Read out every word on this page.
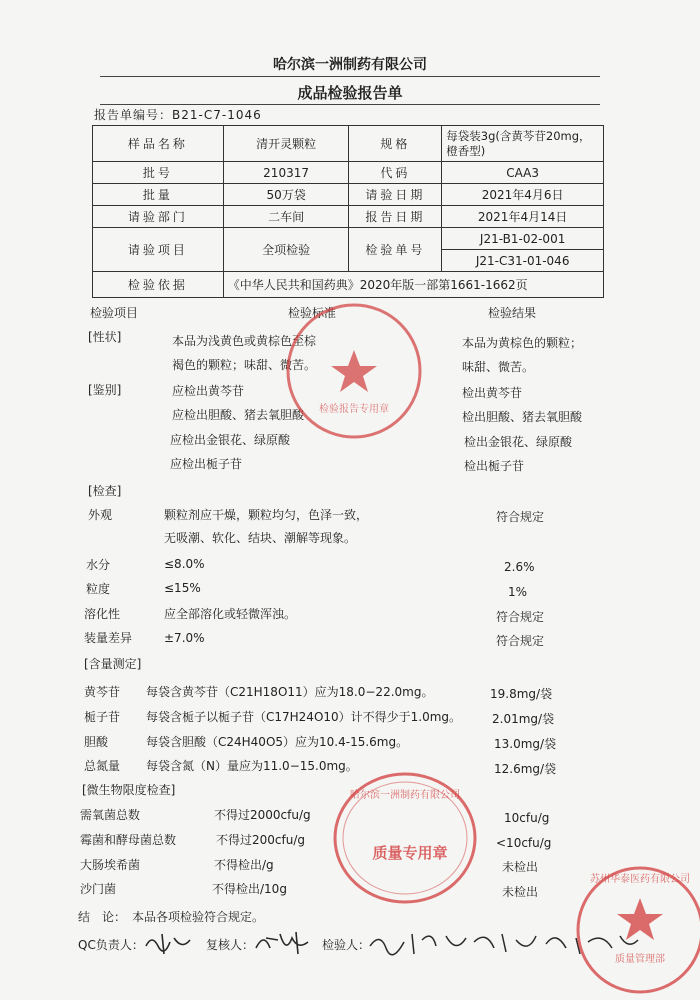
哈尔滨一洲制药有限公司
成品检验报告单
报告单编号：B21-C7-1046
样品名称	清开灵颗粒	规格	每袋装3g(含黄芩苷20mg，橙香型)
批号	210317	代码	CAA3
批量	50万袋	请验日期	2021年4月6日
请验部门	二车间	报告日期	2021年4月14日
请验项目	全项检验	检验单号	J21-B1-02-001
			J21-C31-01-046
检验依据	《中华人民共和国药典》2020年版一部第1661-1662页		
检验项目	检验标准	检验结果
[性状]	本品为浅黄色或黄棕色至棕
褐色的颗粒；味甜、微苦。
本品为黄棕色的颗粒；
味甜、微苦。
[鉴别]	应检出黄芩苷	检出黄芩苷
应检出胆酸、猪去氧胆酸	检出胆酸、猪去氧胆酸
应检出金银花、绿原酸	检出金银花、绿原酸
应检出栀子苷	检出栀子苷
[检查]
外观	颗粒剂应干燥，颗粒均匀，色泽一致，
无吸潮、软化、结块、潮解等现象。
符合规定
水分	≤8.0%	2.6%
粒度	≤15%	1%
溶化性	应全部溶化或轻微浑浊。	符合规定
装量差异	±7.0%	符合规定
[含量测定]
黄芩苷 每袋含黄芩苷（C21H18O11）应为18.0−22.0mg。	19.8mg/袋
栀子苷 每袋含栀子以栀子苷（C17H24O10）计不得少于1.0mg。	2.01mg/袋
胆酸	每袋含胆酸（C24H40O5）应为10.4-15.6mg。	13.0mg/袋
总氮量 每袋含氮（N）量应为11.0−15.0mg。	12.6mg/袋
[微生物限度检查]
需氧菌总数	不得过2000cfu/g	10cfu/g
霉菌和酵母菌总数	不得过200cfu/g	<10cfu/g
大肠埃希菌	不得检出/g	未检出
沙门菌	不得检出/10g	未检出
结　论：　本品各项检验符合规定。
QC负责人：	复核人：	检验人：
检验报告专用章
哈尔滨一洲制药有限公司
质量专用章
苏州华泰医药有限公司
质量管理部
